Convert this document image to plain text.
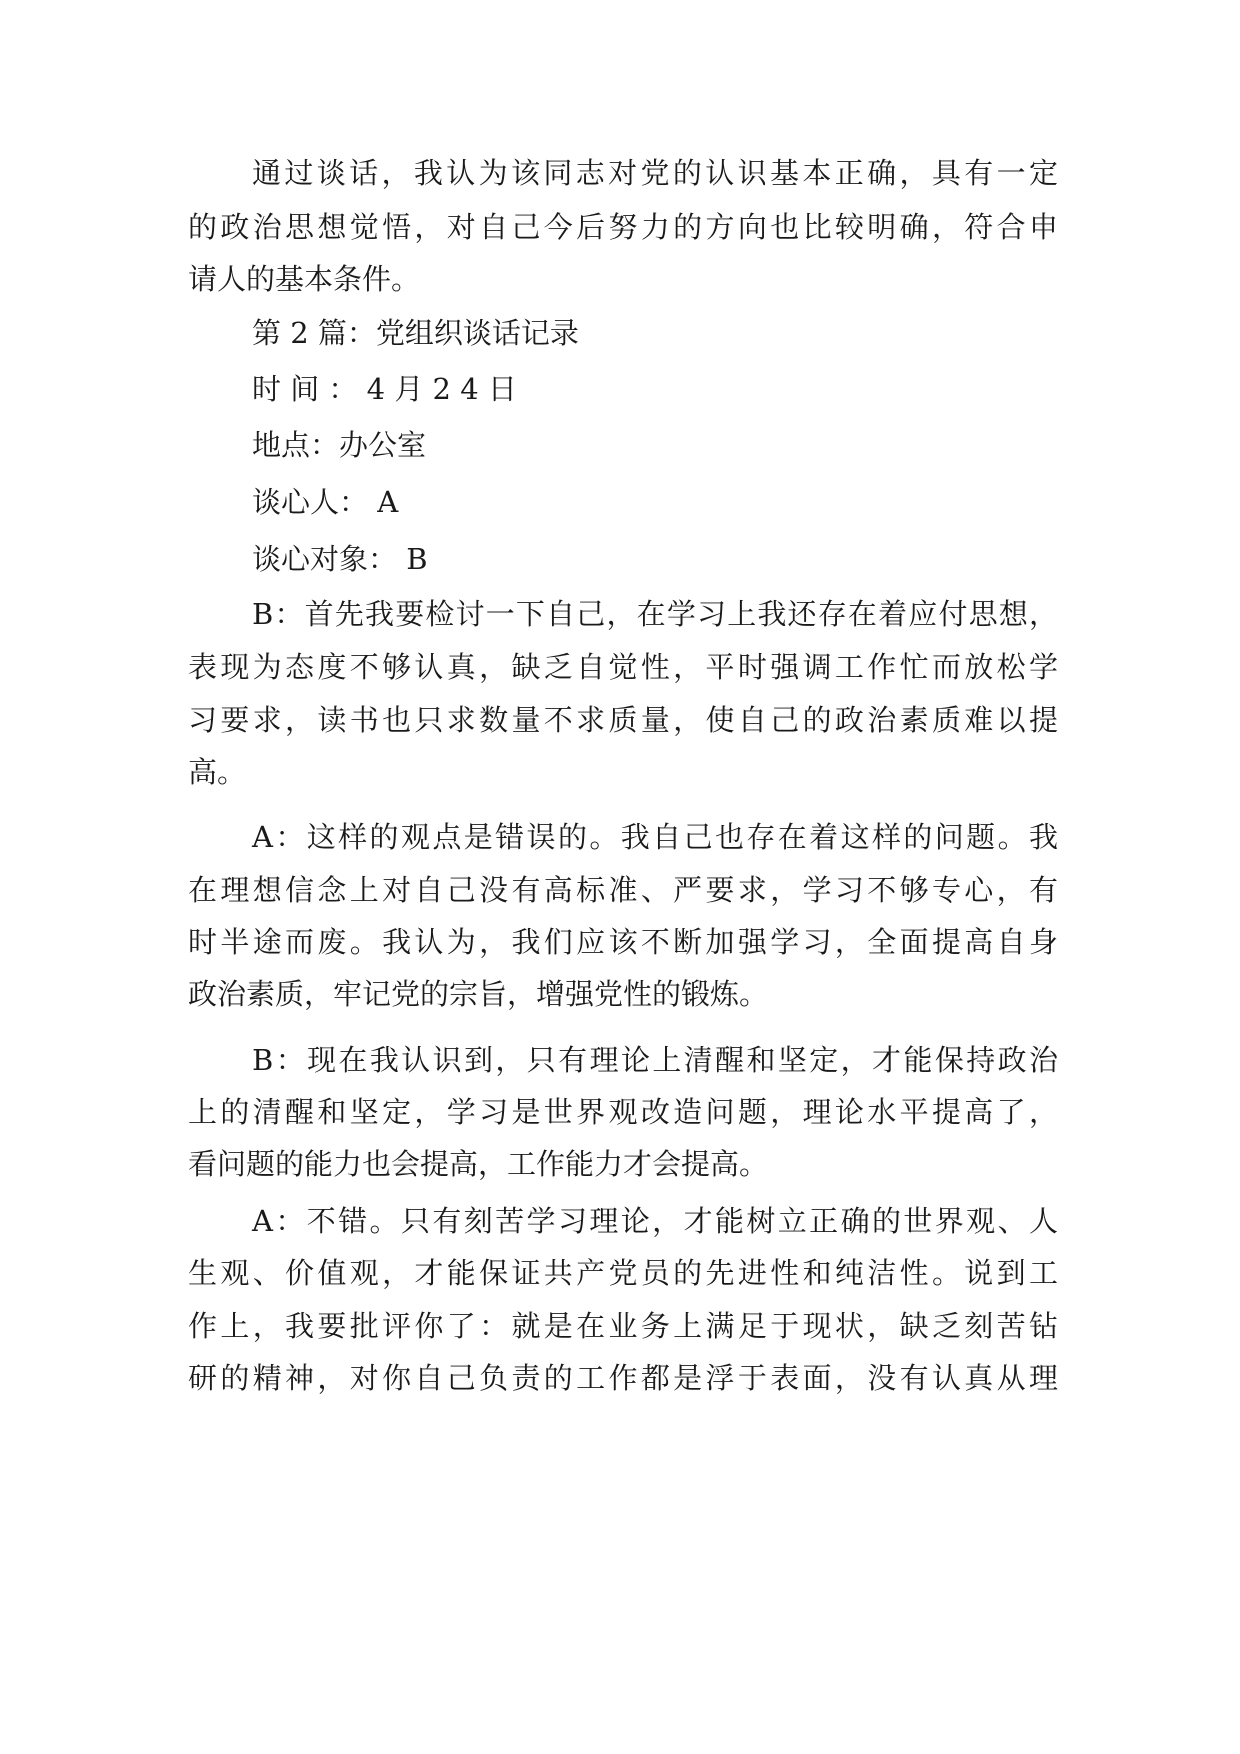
通过谈话，我认为该同志对党的认识基本正确，具有一定
的政治思想觉悟，对自己今后努力的方向也比较明确，符合申
请人的基本条件。
第 2 篇：党组织谈话记录
时 间 ： 4 月 2 4 日
地点：办公室
谈心人： A
谈心对象： B
B：首先我要检讨一下自己，在学习上我还存在着应付思想，
表现为态度不够认真，缺乏自觉性，平时强调工作忙而放松学
习要求，读书也只求数量不求质量，使自己的政治素质难以提
高。
A：这样的观点是错误的。我自己也存在着这样的问题。我
在理想信念上对自己没有高标准、严要求，学习不够专心，有
时半途而废。我认为，我们应该不断加强学习，全面提高自身
政治素质，牢记党的宗旨，增强党性的锻炼。
B：现在我认识到，只有理论上清醒和坚定，才能保持政治
上的清醒和坚定，学习是世界观改造问题，理论水平提高了，
看问题的能力也会提高，工作能力才会提高。
A：不错。只有刻苦学习理论，才能树立正确的世界观、人
生观、价值观，才能保证共产党员的先进性和纯洁性。说到工
作上，我要批评你了：就是在业务上满足于现状，缺乏刻苦钻
研的精神，对你自己负责的工作都是浮于表面，没有认真从理
